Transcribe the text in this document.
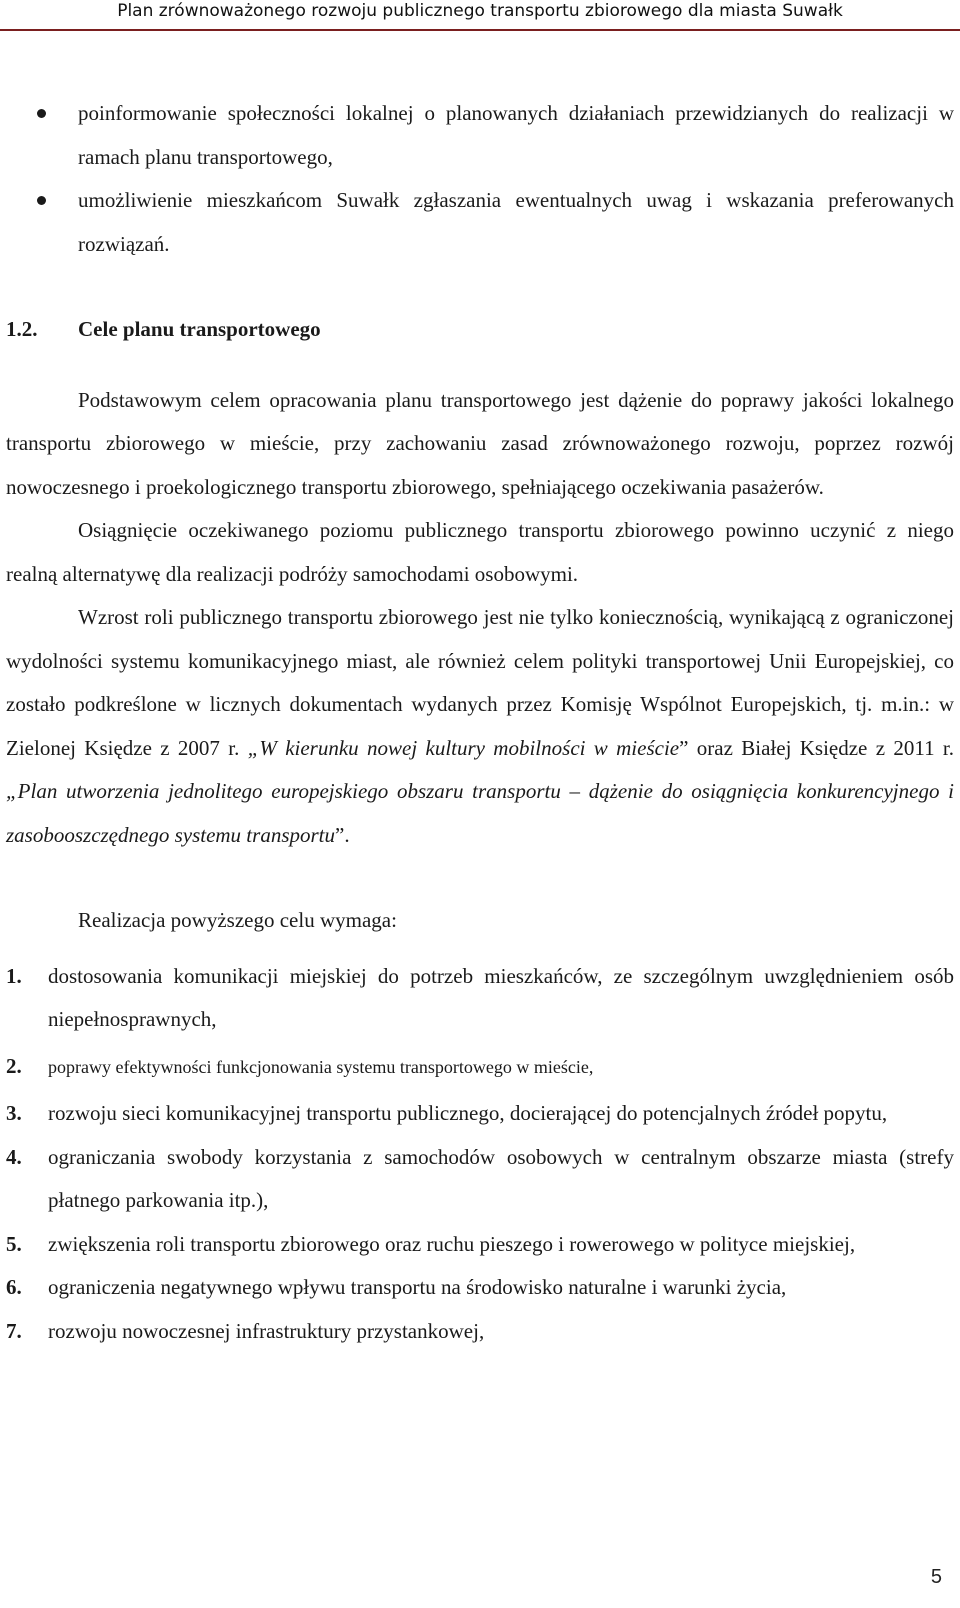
Plan zrównoważonego rozwoju publicznego transportu zbiorowego dla miasta Suwałk
poinformowanie społeczności lokalnej o planowanych działaniach przewidzianych do realizacji w ramach planu transportowego,
umożliwienie mieszkańcom Suwałk zgłaszania ewentualnych uwag i wskazania preferowanych rozwiązań.
1.2.	Cele planu transportowego

Podstawowym celem opracowania planu transportowego jest dążenie do poprawy jakości lokalnego transportu zbiorowego w mieście, przy zachowaniu zasad zrównoważonego rozwoju, poprzez rozwój nowoczesnego i proekologicznego transportu zbiorowego, spełniającego oczekiwania pasażerów.

Osiągnięcie oczekiwanego poziomu publicznego transportu zbiorowego powinno uczynić z niego realną alternatywę dla realizacji podróży samochodami osobowymi.

Wzrost roli publicznego transportu zbiorowego jest nie tylko koniecznością, wynikającą z ograniczonej wydolności systemu komunikacyjnego miast, ale również celem polityki transportowej Unii Europejskiej, co zostało podkreślone w licznych dokumentach wydanych przez Komisję Wspólnot Europejskich, tj. m.in.: w Zielonej Księdze z 2007 r. „W kierunku nowej kultury mobilności w mieście” oraz Białej Księdze z 2011 r. „Plan utworzenia jednolitego europejskiego obszaru transportu – dążenie do osiągnięcia konkurencyjnego i zasobooszczędnego systemu transportu”.

Realizacja powyższego celu wymaga:
1. dostosowania komunikacji miejskiej do potrzeb mieszkańców, ze szczególnym uwzględnieniem osób niepełnosprawnych,
2. poprawy efektywności funkcjonowania systemu transportowego w mieście,
3. rozwoju sieci komunikacyjnej transportu publicznego, docierającej do potencjalnych źródeł popytu,
4. ograniczania swobody korzystania z samochodów osobowych w centralnym obszarze miasta (strefy płatnego parkowania itp.),
5. zwiększenia roli transportu zbiorowego oraz ruchu pieszego i rowerowego w polityce miejskiej,
6. ograniczenia negatywnego wpływu transportu na środowisko naturalne i warunki życia,
7. rozwoju nowoczesnej infrastruktury przystankowej,
5
